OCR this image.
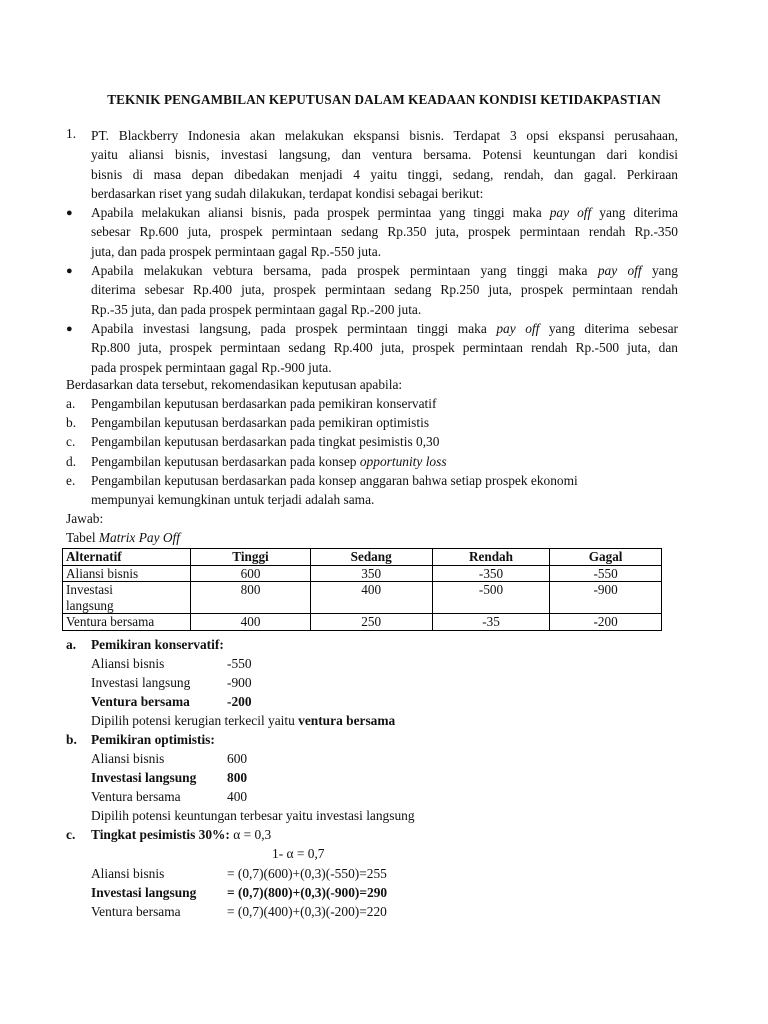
TEKNIK PENGAMBILAN KEPUTUSAN DALAM KEADAAN KONDISI KETIDAKPASTIAN
1. PT. Blackberry Indonesia akan melakukan ekspansi bisnis. Terdapat 3 opsi ekspansi perusahaan,
yaitu aliansi bisnis, investasi langsung, dan ventura bersama. Potensi keuntungan dari kondisi
bisnis di masa depan dibedakan menjadi 4 yaitu tinggi, sedang, rendah, dan gagal. Perkiraan
berdasarkan riset yang sudah dilakukan, terdapat kondisi sebagai berikut:
● Apabila melakukan aliansi bisnis, pada prospek permintaa yang tinggi maka pay off yang diterima
sebesar Rp.600 juta, prospek permintaan sedang Rp.350 juta, prospek permintaan rendah Rp.-350
juta, dan pada prospek permintaan gagal Rp.-550 juta.
● Apabila melakukan vebtura bersama, pada prospek permintaan yang tinggi maka pay off yang
diterima sebesar Rp.400 juta, prospek permintaan sedang Rp.250 juta, prospek permintaan rendah
Rp.-35 juta, dan pada prospek permintaan gagal Rp.-200 juta.
● Apabila investasi langsung, pada prospek permintaan tinggi maka pay off yang diterima sebesar
Rp.800 juta, prospek permintaan sedang Rp.400 juta, prospek permintaan rendah Rp.-500 juta, dan
pada prospek permintaan gagal Rp.-900 juta.
Berdasarkan data tersebut, rekomendasikan keputusan apabila:
a. Pengambilan keputusan berdasarkan pada pemikiran konservatif
b. Pengambilan keputusan berdasarkan pada pemikiran optimistis
c. Pengambilan keputusan berdasarkan pada tingkat pesimistis 0,30
d. Pengambilan keputusan berdasarkan pada konsep opportunity loss
e. Pengambilan keputusan berdasarkan pada konsep anggaran bahwa setiap prospek ekonomi
mempunyai kemungkinan untuk terjadi adalah sama.
Jawab:
Tabel Matrix Pay Off
Alternatif	Tinggi	Sedang	Rendah	Gagal
Aliansi bisnis	600	350	-350	-550

Investasi
langsung	800	400	-500	-900
Ventura bersama	400	250	-35	-200
a. Pemikiran konservatif:
Aliansi bisnis	-550
Investasi langsung	-900
Ventura bersama	-200
Dipilih potensi kerugian terkecil yaitu ventura bersama
b. Pemikiran optimistis:
Aliansi bisnis	600
Investasi langsung 800
Ventura bersama	400
Dipilih potensi keuntungan terbesar yaitu investasi langsung
c. Tingkat pesimistis 30%: α = 0,3
1- α = 0,7
Aliansi bisnis	= (0,7)(600)+(0,3)(-550)=255
Investasi langsung = (0,7)(800)+(0,3)(-900)=290
Ventura bersama	= (0,7)(400)+(0,3)(-200)=220
